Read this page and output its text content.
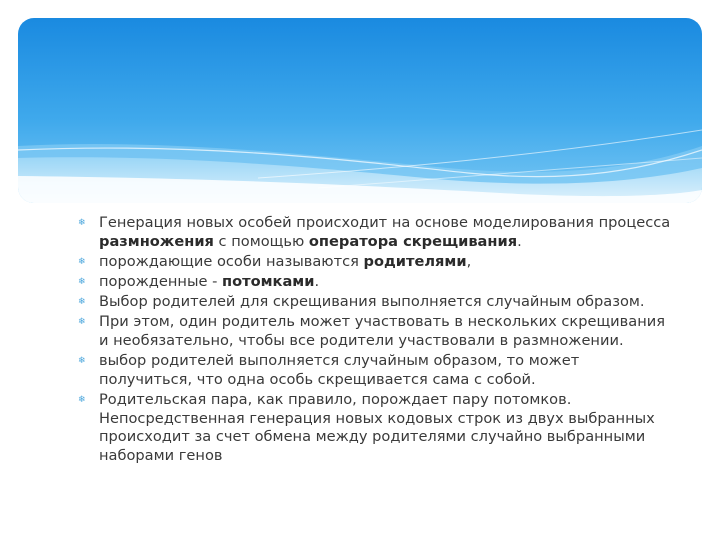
❄ Генерация новых особей происходит на основе моделирования процесса размножения с помощью оператора скрещивания.
❄ порождающие особи называются родителями,
❄ порожденные - потомками.
❄ Выбор родителей для скрещивания выполняется случайным образом.
❄ При этом, один родитель может участвовать в нескольких скрещивания и необязательно, чтобы все родители участвовали в размножении.
❄ выбор родителей выполняется случайным образом, то может получиться, что одна особь скрещивается сама с собой.
❄ Родительская пара, как правило, порождает пару потомков. Непосредственная генерация новых кодовых строк из двух выбранных происходит за счет обмена между родителями случайно выбранными наборами генов
